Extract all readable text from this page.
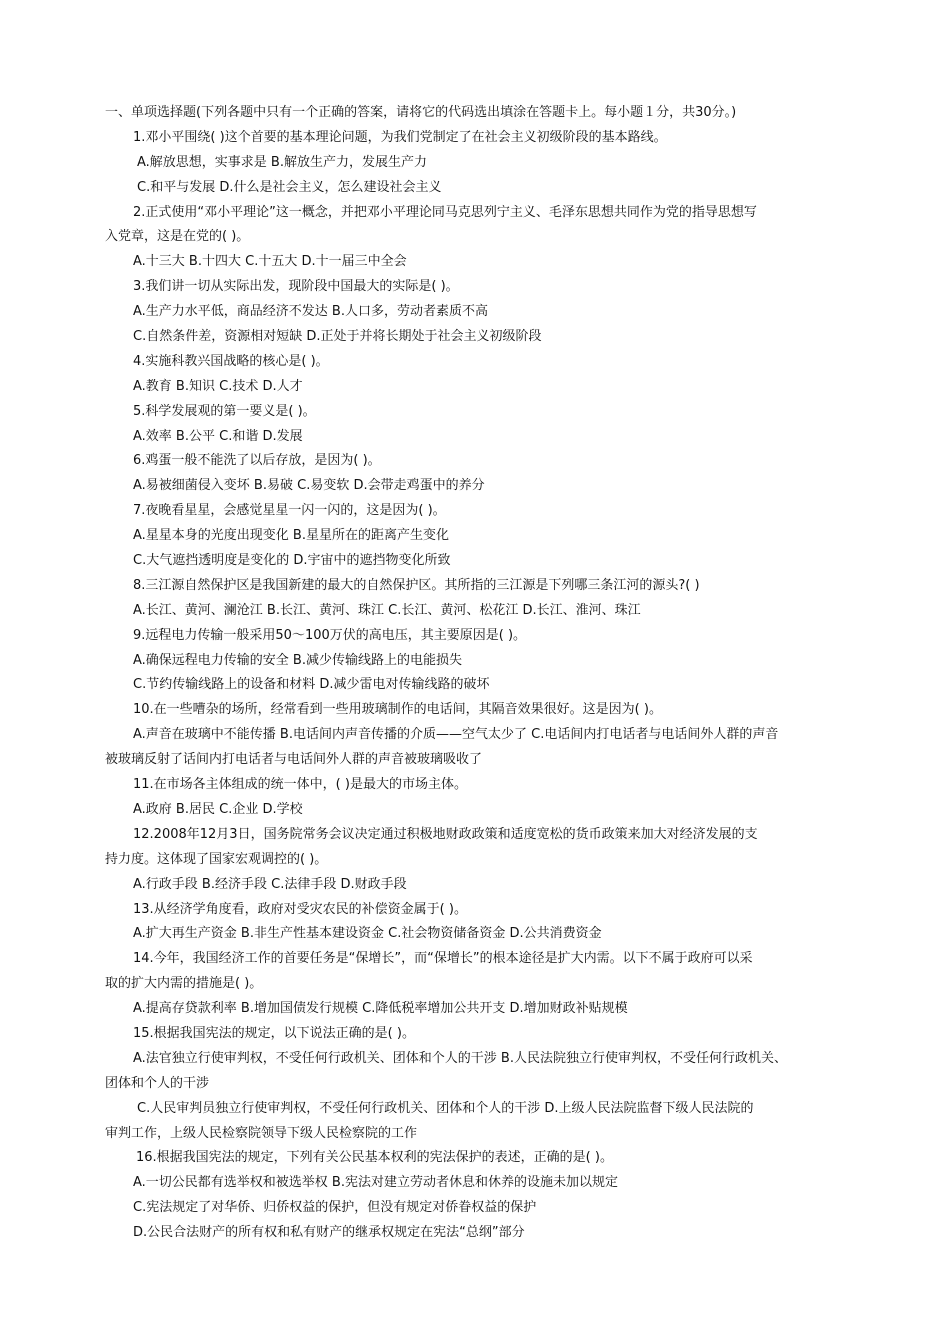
一、单项选择题(下列各题中只有一个正确的答案，请将它的代码选出填涂在答题卡上。每小题１分，共30分。)
1.邓小平围绕( )这个首要的基本理论问题，为我们党制定了在社会主义初级阶段的基本路线。
A.解放思想，实事求是 B.解放生产力，发展生产力
C.和平与发展 D.什么是社会主义，怎么建设社会主义
2.正式使用“邓小平理论”这一概念，并把邓小平理论同马克思列宁主义、毛泽东思想共同作为党的指导思想写
入党章，这是在党的( )。
A.十三大 B.十四大 C.十五大 D.十一届三中全会
3.我们讲一切从实际出发，现阶段中国最大的实际是( )。
A.生产力水平低，商品经济不发达 B.人口多，劳动者素质不高
C.自然条件差，资源相对短缺 D.正处于并将长期处于社会主义初级阶段
4.实施科教兴国战略的核心是( )。
A.教育 B.知识 C.技术 D.人才
5.科学发展观的第一要义是( )。
A.效率 B.公平 C.和谐 D.发展
6.鸡蛋一般不能洗了以后存放，是因为( )。
A.易被细菌侵入变坏 B.易破 C.易变软 D.会带走鸡蛋中的养分
7.夜晚看星星，会感觉星星一闪一闪的，这是因为( )。
A.星星本身的光度出现变化 B.星星所在的距离产生变化
C.大气遮挡透明度是变化的 D.宇宙中的遮挡物变化所致
8.三江源自然保护区是我国新建的最大的自然保护区。其所指的三江源是下列哪三条江河的源头?( )
A.长江、黄河、澜沧江 B.长江、黄河、珠江 C.长江、黄河、松花江 D.长江、淮河、珠江
9.远程电力传输一般采用50～100万伏的高电压，其主要原因是( )。
A.确保远程电力传输的安全 B.减少传输线路上的电能损失
C.节约传输线路上的设备和材料 D.减少雷电对传输线路的破坏
10.在一些嘈杂的场所，经常看到一些用玻璃制作的电话间，其隔音效果很好。这是因为( )。
A.声音在玻璃中不能传播 B.电话间内声音传播的介质——空气太少了 C.电话间内打电话者与电话间外人群的声音
被玻璃反射了话间内打电话者与电话间外人群的声音被玻璃吸收了
11.在市场各主体组成的统一体中，( )是最大的市场主体。
A.政府 B.居民 C.企业 D.学校
12.2008年12月3日，国务院常务会议决定通过积极地财政政策和适度宽松的货币政策来加大对经济发展的支
持力度。这体现了国家宏观调控的( )。
A.行政手段 B.经济手段 C.法律手段 D.财政手段
13.从经济学角度看，政府对受灾农民的补偿资金属于( )。
A.扩大再生产资金 B.非生产性基本建设资金 C.社会物资储备资金 D.公共消费资金
14.今年，我国经济工作的首要任务是“保增长”，而“保增长”的根本途径是扩大内需。以下不属于政府可以采
取的扩大内需的措施是( )。
A.提高存贷款利率 B.增加国债发行规模 C.降低税率增加公共开支 D.增加财政补贴规模
15.根据我国宪法的规定，以下说法正确的是( )。
A.法官独立行使审判权，不受任何行政机关、团体和个人的干涉 B.人民法院独立行使审判权，不受任何行政机关、
团体和个人的干涉
C.人民审判员独立行使审判权，不受任何行政机关、团体和个人的干涉 D.上级人民法院监督下级人民法院的
审判工作，上级人民检察院领导下级人民检察院的工作
16.根据我国宪法的规定，下列有关公民基本权利的宪法保护的表述，正确的是( )。
A.一切公民都有选举权和被选举权 B.宪法对建立劳动者休息和休养的设施未加以规定
C.宪法规定了对华侨、归侨权益的保护，但没有规定对侨眷权益的保护
D.公民合法财产的所有权和私有财产的继承权规定在宪法“总纲”部分
